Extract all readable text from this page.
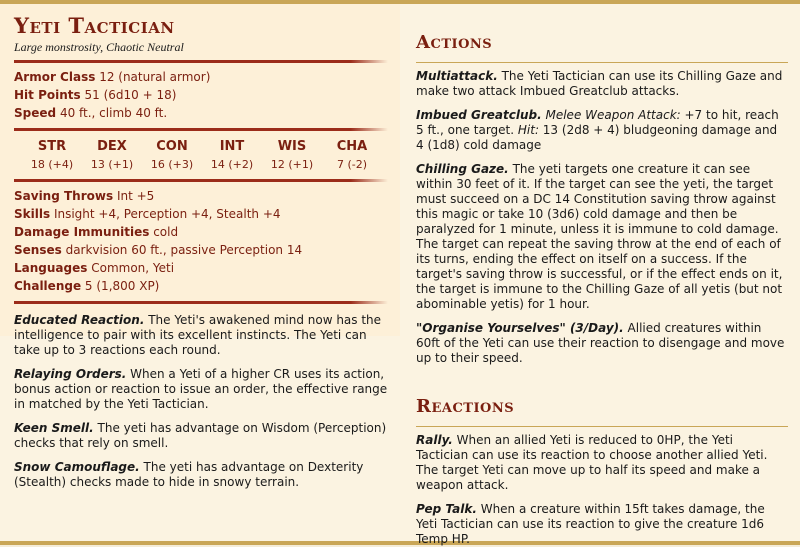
Yeti Tactician
Large monstrosity, Chaotic Neutral
Armor Class 12 (natural armor)
Hit Points 51 (6d10 + 18)
Speed 40 ft., climb 40 ft.
STR
18 (+4)
DEX
13 (+1)
CON
16 (+3)
INT
14 (+2)
WIS
12 (+1)
CHA
7 (-2)
Saving Throws Int +5
Skills Insight +4, Perception +4, Stealth +4
Damage Immunities cold
Senses darkvision 60 ft., passive Perception 14
Languages Common, Yeti
Challenge 5 (1,800 XP)
Educated Reaction. The Yeti's awakened mind now has the intelligence to pair with its excellent instincts. The Yeti can take up to 3 reactions each round.
Relaying Orders. When a Yeti of a higher CR uses its action, bonus action or reaction to issue an order, the effective range in matched by the Yeti Tactician.
Keen Smell. The yeti has advantage on Wisdom (Perception) checks that rely on smell.
Snow Camouflage. The yeti has advantage on Dexterity (Stealth) checks made to hide in snowy terrain.
Actions
Multiattack. The Yeti Tactician can use its Chilling Gaze and make two attack Imbued Greatclub attacks.
Imbued Greatclub. Melee Weapon Attack: +7 to hit, reach 5 ft., one target. Hit: 13 (2d8 + 4) bludgeoning damage and 4 (1d8) cold damage
Chilling Gaze. The yeti targets one creature it can see within 30 feet of it. If the target can see the yeti, the target must succeed on a DC 14 Constitution saving throw against this magic or take 10 (3d6) cold damage and then be paralyzed for 1 minute, unless it is immune to cold damage. The target can repeat the saving throw at the end of each of its turns, ending the effect on itself on a success. If the target's saving throw is successful, or if the effect ends on it, the target is immune to the Chilling Gaze of all yetis (but not abominable yetis) for 1 hour.
"Organise Yourselves" (3/Day). Allied creatures within 60ft of the Yeti can use their reaction to disengage and move up to their speed.
Reactions
Rally. When an allied Yeti is reduced to 0HP, the Yeti Tactician can use its reaction to choose another allied Yeti. The target Yeti can move up to half its speed and make a weapon attack.
Pep Talk. When a creature within 15ft takes damage, the Yeti Tactician can use its reaction to give the creature 1d6 Temp HP.
